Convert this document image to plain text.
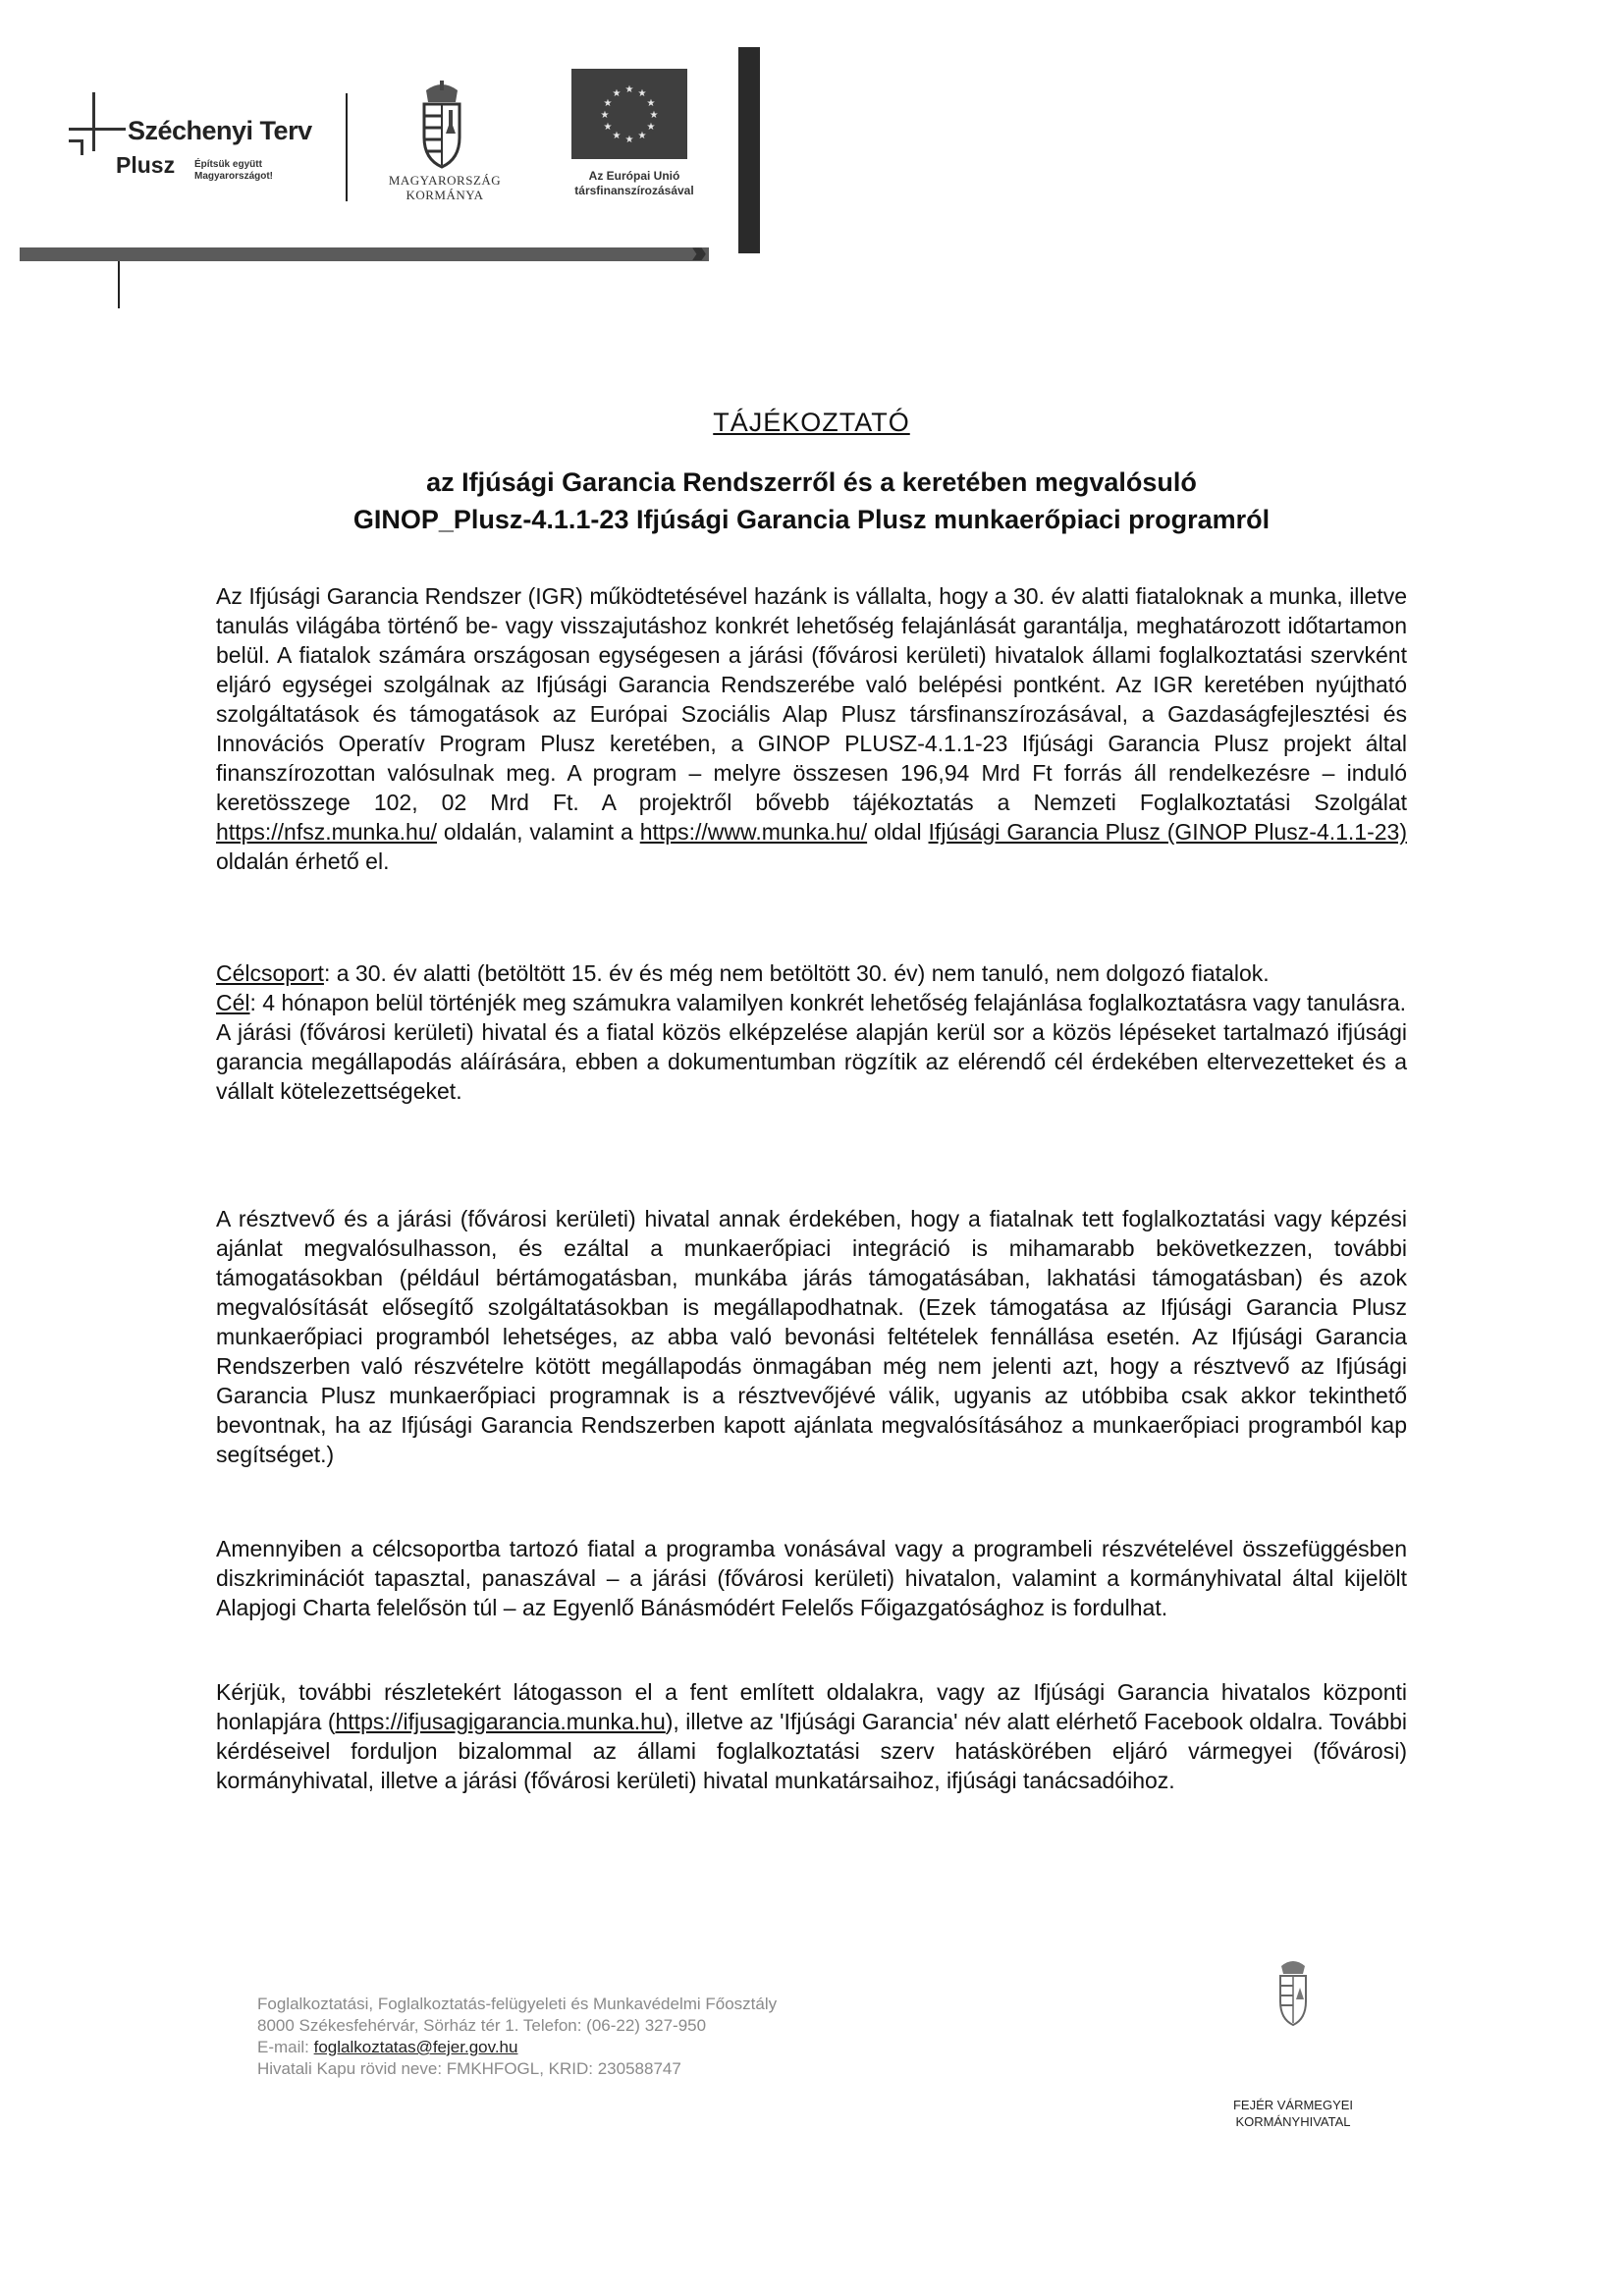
Széchenyi Terv
Plusz Építsük együtt
Magyarországot!	MAGYARORSZÁG
KORMÁNYA
★ ★
★
★
★
★
★
★
★
★
★
★
Az Európai Unió
társfinanszírozásával
›››
TÁJÉKOZTATÓ
az Ifjúsági Garancia Rendszerről és a keretében megvalósuló
GINOP_Plusz-4.1.1-23 Ifjúsági Garancia Plusz munkaerőpiaci programról
Az Ifjúsági Garancia Rendszer (IGR) működtetésével hazánk is vállalta, hogy a 30. év alatti fiataloknak a munka, illetve tanulás világába történő be- vagy visszajutáshoz konkrét lehetőség felajánlását garantálja, meghatározott időtartamon belül. A fiatalok számára országosan egységesen a járási (fővárosi kerületi) hivatalok állami foglalkoztatási szervként eljáró egységei szolgálnak az Ifjúsági Garancia Rendszerébe való belépési pontként. Az IGR keretében nyújtható szolgáltatások és támogatások az Európai Szociális Alap Plusz társfinanszírozásával, a Gazdaságfejlesztési és Innovációs Operatív Program Plusz keretében, a GINOP PLUSZ-4.1.1-23 Ifjúsági Garancia Plusz projekt által finanszírozottan valósulnak meg. A program – melyre összesen 196,94 Mrd Ft forrás áll rendelkezésre – induló keretösszege 102, 02 Mrd Ft. A projektről bővebb tájékoztatás a Nemzeti Foglalkoztatási Szolgálat https://nfsz.munka.hu/ oldalán, valamint a https://www.munka.hu/ oldal Ifjúsági Garancia Plusz (GINOP Plusz-4.1.1-23) oldalán érhető el.
Célcsoport: a 30. év alatti (betöltött 15. év és még nem betöltött 30. év) nem tanuló, nem dolgozó fiatalok.
Cél: 4 hónapon belül történjék meg számukra valamilyen konkrét lehetőség felajánlása foglalkoztatásra vagy tanulásra.
A járási (fővárosi kerületi) hivatal és a fiatal közös elképzelése alapján kerül sor a közös lépéseket tartalmazó ifjúsági garancia megállapodás aláírására, ebben a dokumentumban rögzítik az elérendő cél érdekében eltervezetteket és a vállalt kötelezettségeket.
A résztvevő és a járási (fővárosi kerületi) hivatal annak érdekében, hogy a fiatalnak tett foglalkoztatási vagy képzési ajánlat megvalósulhasson, és ezáltal a munkaerőpiaci integráció is mihamarabb bekövetkezzen, további támogatásokban (például bértámogatásban, munkába járás támogatásában, lakhatási támogatásban) és azok megvalósítását elősegítő szolgáltatásokban is megállapodhatnak. (Ezek támogatása az Ifjúsági Garancia Plusz munkaerőpiaci programból lehetséges, az abba való bevonási feltételek fennállása esetén. Az Ifjúsági Garancia Rendszerben való részvételre kötött megállapodás önmagában még nem jelenti azt, hogy a résztvevő az Ifjúsági Garancia Plusz munkaerőpiaci programnak is a résztvevőjévé válik, ugyanis az utóbbiba csak akkor tekinthető bevontnak, ha az Ifjúsági Garancia Rendszerben kapott ajánlata megvalósításához a munkaerőpiaci programból kap segítséget.)
Amennyiben a célcsoportba tartozó fiatal a programba vonásával vagy a programbeli részvételével összefüggésben diszkriminációt tapasztal, panaszával – a járási (fővárosi kerületi) hivatalon, valamint a kormányhivatal által kijelölt Alapjogi Charta felelősön túl – az Egyenlő Bánásmódért Felelős Főigazgatósághoz is fordulhat.
Kérjük, további részletekért látogasson el a fent említett oldalakra, vagy az Ifjúsági Garancia hivatalos központi honlapjára (https://ifjusagigarancia.munka.hu), illetve az 'Ifjúsági Garancia' név alatt elérhető Facebook oldalra. További kérdéseivel forduljon bizalommal az állami foglalkoztatási szerv hatáskörében eljáró vármegyei (fővárosi) kormányhivatal, illetve a járási (fővárosi kerületi) hivatal munkatársaihoz, ifjúsági tanácsadóihoz.
Foglalkoztatási, Foglalkoztatás-felügyeleti és Munkavédelmi Főosztály
8000 Székesfehérvár, Sörház tér 1. Telefon: (06-22) 327-950
E-mail: foglalkoztatas@fejer.gov.hu
Hivatali Kapu rövid neve: FMKHFOGL, KRID: 230588747
FEJÉR VÁRMEGYEI
KORMÁNYHIVATAL
